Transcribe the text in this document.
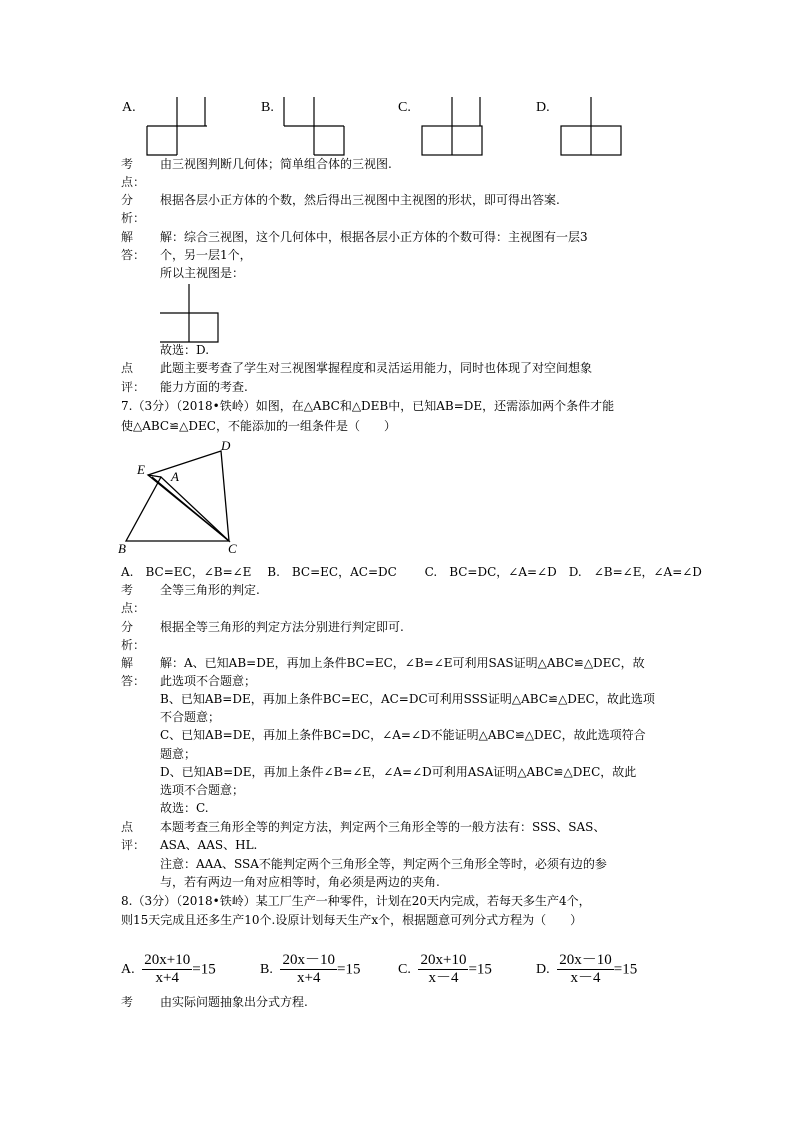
A.	B.	C.	D.
考
点：
由三视图判断几何体；简单组合体的三视图.
分
析：
根据各层小正方体的个数，然后得出三视图中主视图的形状，即可得出答案.
解
答：
解：综合三视图，这个几何体中，根据各层小正方体的个数可得：主视图有一层3
个，另一层1个，
所以主视图是：
故选：D.
点
评：
此题主要考查了学生对三视图掌握程度和灵活运用能力，同时也体现了对空间想象
能力方面的考查.
7.（3分）（2018•铁岭）如图，在△ABC和△DEB中，已知AB=DE，还需添加两个条件才能
使△ABC≌△DEC，不能添加的一组条件是（　　）
D
E A
B	C
A.　BC=EC，∠B=∠E　 B.　BC=EC，AC=DC　　 C.　BC=DC，∠A=∠D　D.　∠B=∠E，∠A=∠D
考
点：
全等三角形的判定.
分
析：
根据全等三角形的判定方法分别进行判定即可.
解
答：
解：A、已知AB=DE，再加上条件BC=EC，∠B=∠E可利用SAS证明△ABC≌△DEC，故
此选项不合题意；
B、已知AB=DE，再加上条件BC=EC，AC=DC可利用SSS证明△ABC≌△DEC，故此选项
不合题意；
C、已知AB=DE，再加上条件BC=DC，∠A=∠D不能证明△ABC≌△DEC，故此选项符合
题意；
D、已知AB=DE，再加上条件∠B=∠E，∠A=∠D可利用ASA证明△ABC≌△DEC，故此
选项不合题意；
故选：C.
点
评：
本题考查三角形全等的判定方法，判定两个三角形全等的一般方法有：SSS、SAS、
ASA、AAS、HL.
注意：AAA、SSA不能判定两个三角形全等，判定两个三角形全等时，必须有边的参
与，若有两边一角对应相等时，角必须是两边的夹角.
8.（3分）（2018•铁岭）某工厂生产一种零件，计划在20天内完成，若每天多生产4个，
则15天完成且还多生产10个.设原计划每天生产x个，根据题意可列分式方程为（　　）
A. $\frac{20x+10}{x+4} =15$	B. $\frac{20x-10}{x+4} =15$	C. $\frac{20x+10}{x-4} =15$	D. $\frac{20x-10}{x-4} =15$
考 由实际问题抽象出分式方程.
